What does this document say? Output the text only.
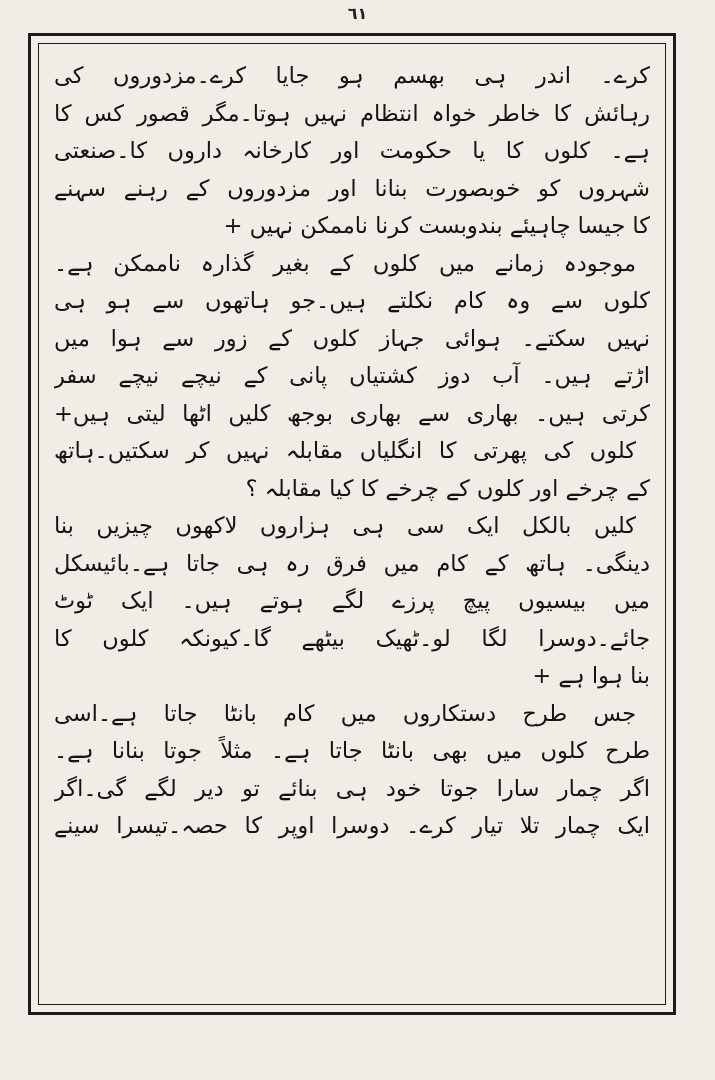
٦١
کرے۔ اندر ہی بھسم ہو جایا کرے۔مزدوروں کی
رہائش کا خاطر خواہ انتظام نہیں ہوتا۔مگر قصور کس کا
ہے۔ کلوں کا یا حکومت اور کارخانہ داروں کا۔صنعتی
شہروں کو خوبصورت بنانا اور مزدوروں کے رہنے سہنے
کا جیسا چاہیئے بندوبست کرنا ناممکن نہیں +
موجودہ زمانے میں کلوں کے بغیر گذارہ ناممکن ہے۔
کلوں سے وہ کام نکلتے ہیں۔جو ہاتھوں سے ہو ہی
نہیں سکتے۔ ہوائی جہاز کلوں کے زور سے ہوا میں
اڑتے ہیں۔ آب دوز کشتیاں پانی کے نیچے نیچے سفر
کرتی ہیں۔ بھاری سے بھاری بوجھ کلیں اٹھا لیتی ہیں+
کلوں کی پھرتی کا انگلیاں مقابلہ نہیں کر سکتیں۔ہاتھ
کے چرخے اور کلوں کے چرخے کا کیا مقابلہ ؟
کلیں بالکل ایک سی ہی ہزاروں لاکھوں چیزیں بنا
دینگی۔ ہاتھ کے کام میں فرق رہ ہی جاتا ہے۔بائیسکل
میں بیسیوں پیچ پرزے لگے ہوتے ہیں۔ ایک ٹوٹ
جائے۔دوسرا لگا لو۔ٹھیک بیٹھے گا۔کیونکہ کلوں کا
بنا ہوا ہے +
جس طرح دستکاروں میں کام بانٹا جاتا ہے۔اسی
طرح کلوں میں بھی بانٹا جاتا ہے۔ مثلاً جوتا بنانا ہے۔
اگر چمار سارا جوتا خود ہی بنائے تو دیر لگے گی۔اگر
ایک چمار تلا تیار کرے۔ دوسرا اوپر کا حصہ۔تیسرا سینے
